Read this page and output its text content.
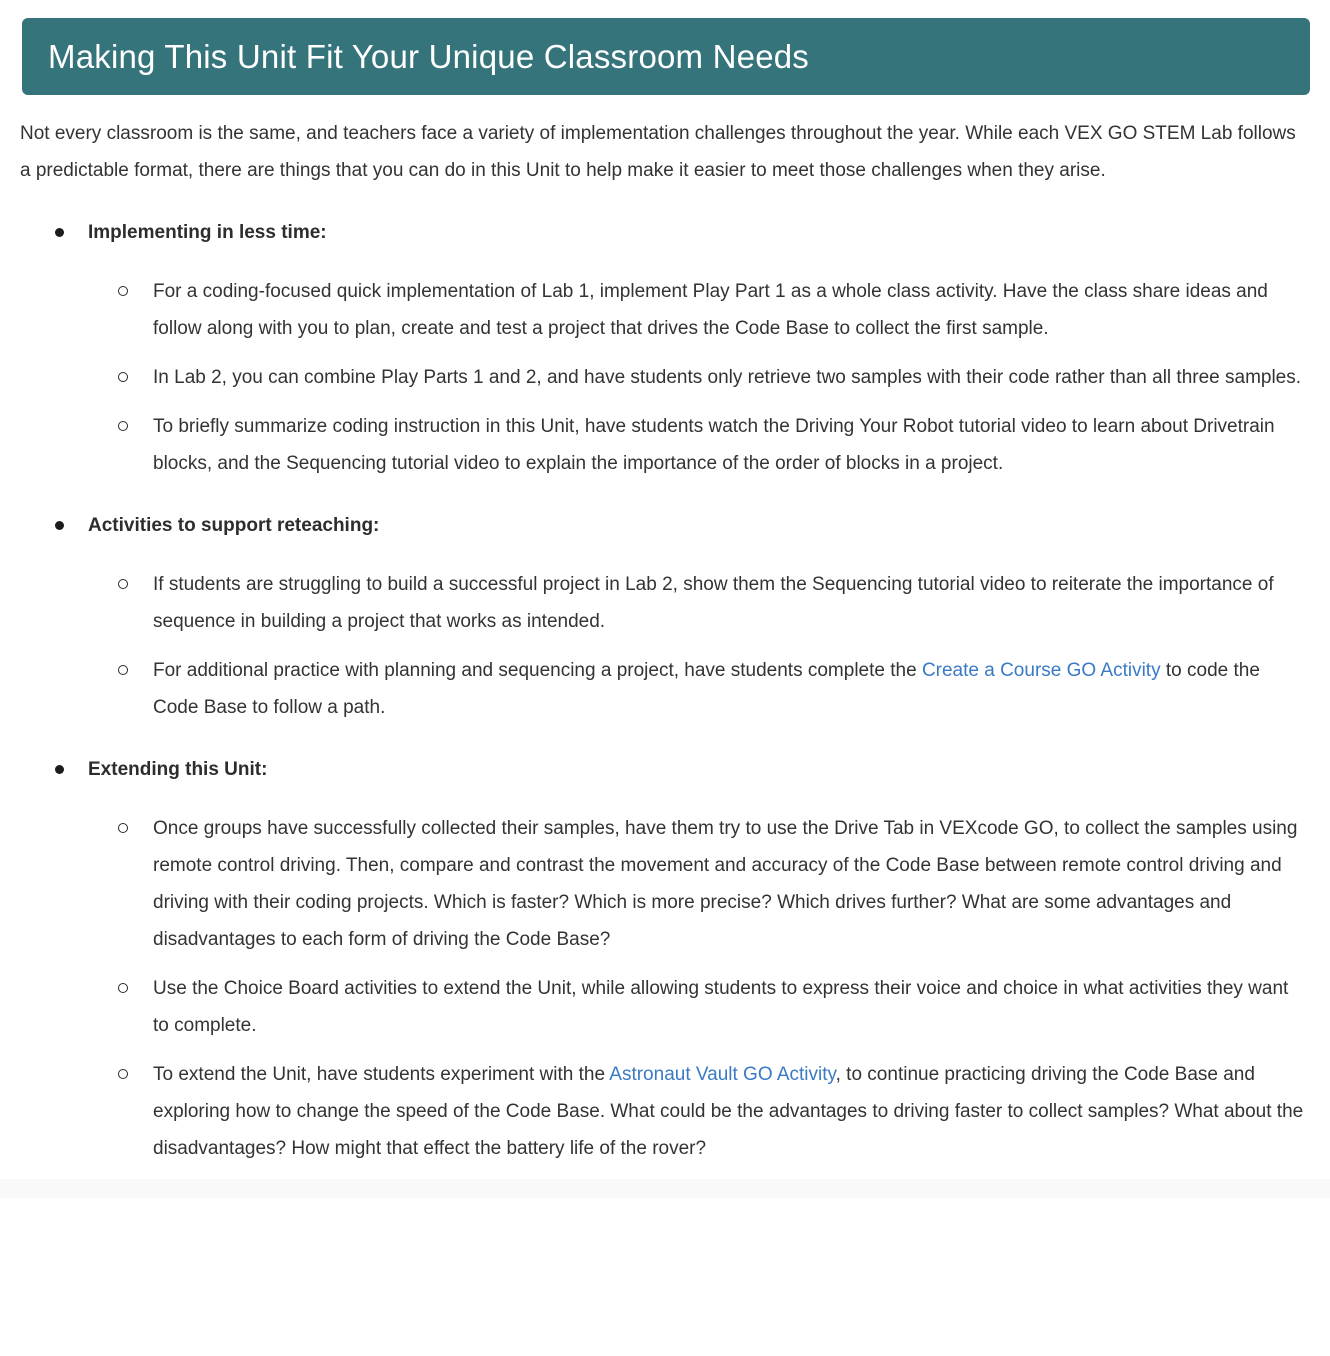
Making This Unit Fit Your Unique Classroom Needs

Not every classroom is the same, and teachers face a variety of implementation challenges throughout the year. While each VEX GO STEM Lab follows a predictable format, there are things that you can do in this Unit to help make it easier to meet those challenges when they arise.

Implementing in less time:
For a coding-focused quick implementation of Lab 1, implement Play Part 1 as a whole class activity. Have the class share ideas and follow along with you to plan, create and test a project that drives the Code Base to collect the first sample.
In Lab 2, you can combine Play Parts 1 and 2, and have students only retrieve two samples with their code rather than all three samples.
To briefly summarize coding instruction in this Unit, have students watch the Driving Your Robot tutorial video to learn about Drivetrain blocks, and the Sequencing tutorial video to explain the importance of the order of blocks in a project.
Activities to support reteaching:
If students are struggling to build a successful project in Lab 2, show them the Sequencing tutorial video to reiterate the importance of sequence in building a project that works as intended.
For additional practice with planning and sequencing a project, have students complete the Create a Course GO Activity to code the Code Base to follow a path.
Extending this Unit:
Once groups have successfully collected their samples, have them try to use the Drive Tab in VEXcode GO, to collect the samples using remote control driving. Then, compare and contrast the movement and accuracy of the Code Base between remote control driving and driving with their coding projects. Which is faster? Which is more precise? Which drives further? What are some advantages and disadvantages to each form of driving the Code Base?
Use the Choice Board activities to extend the Unit, while allowing students to express their voice and choice in what activities they want to complete.
To extend the Unit, have students experiment with the Astronaut Vault GO Activity, to continue practicing driving the Code Base and exploring how to change the speed of the Code Base. What could be the advantages to driving faster to collect samples? What about the disadvantages? How might that effect the battery life of the rover?
